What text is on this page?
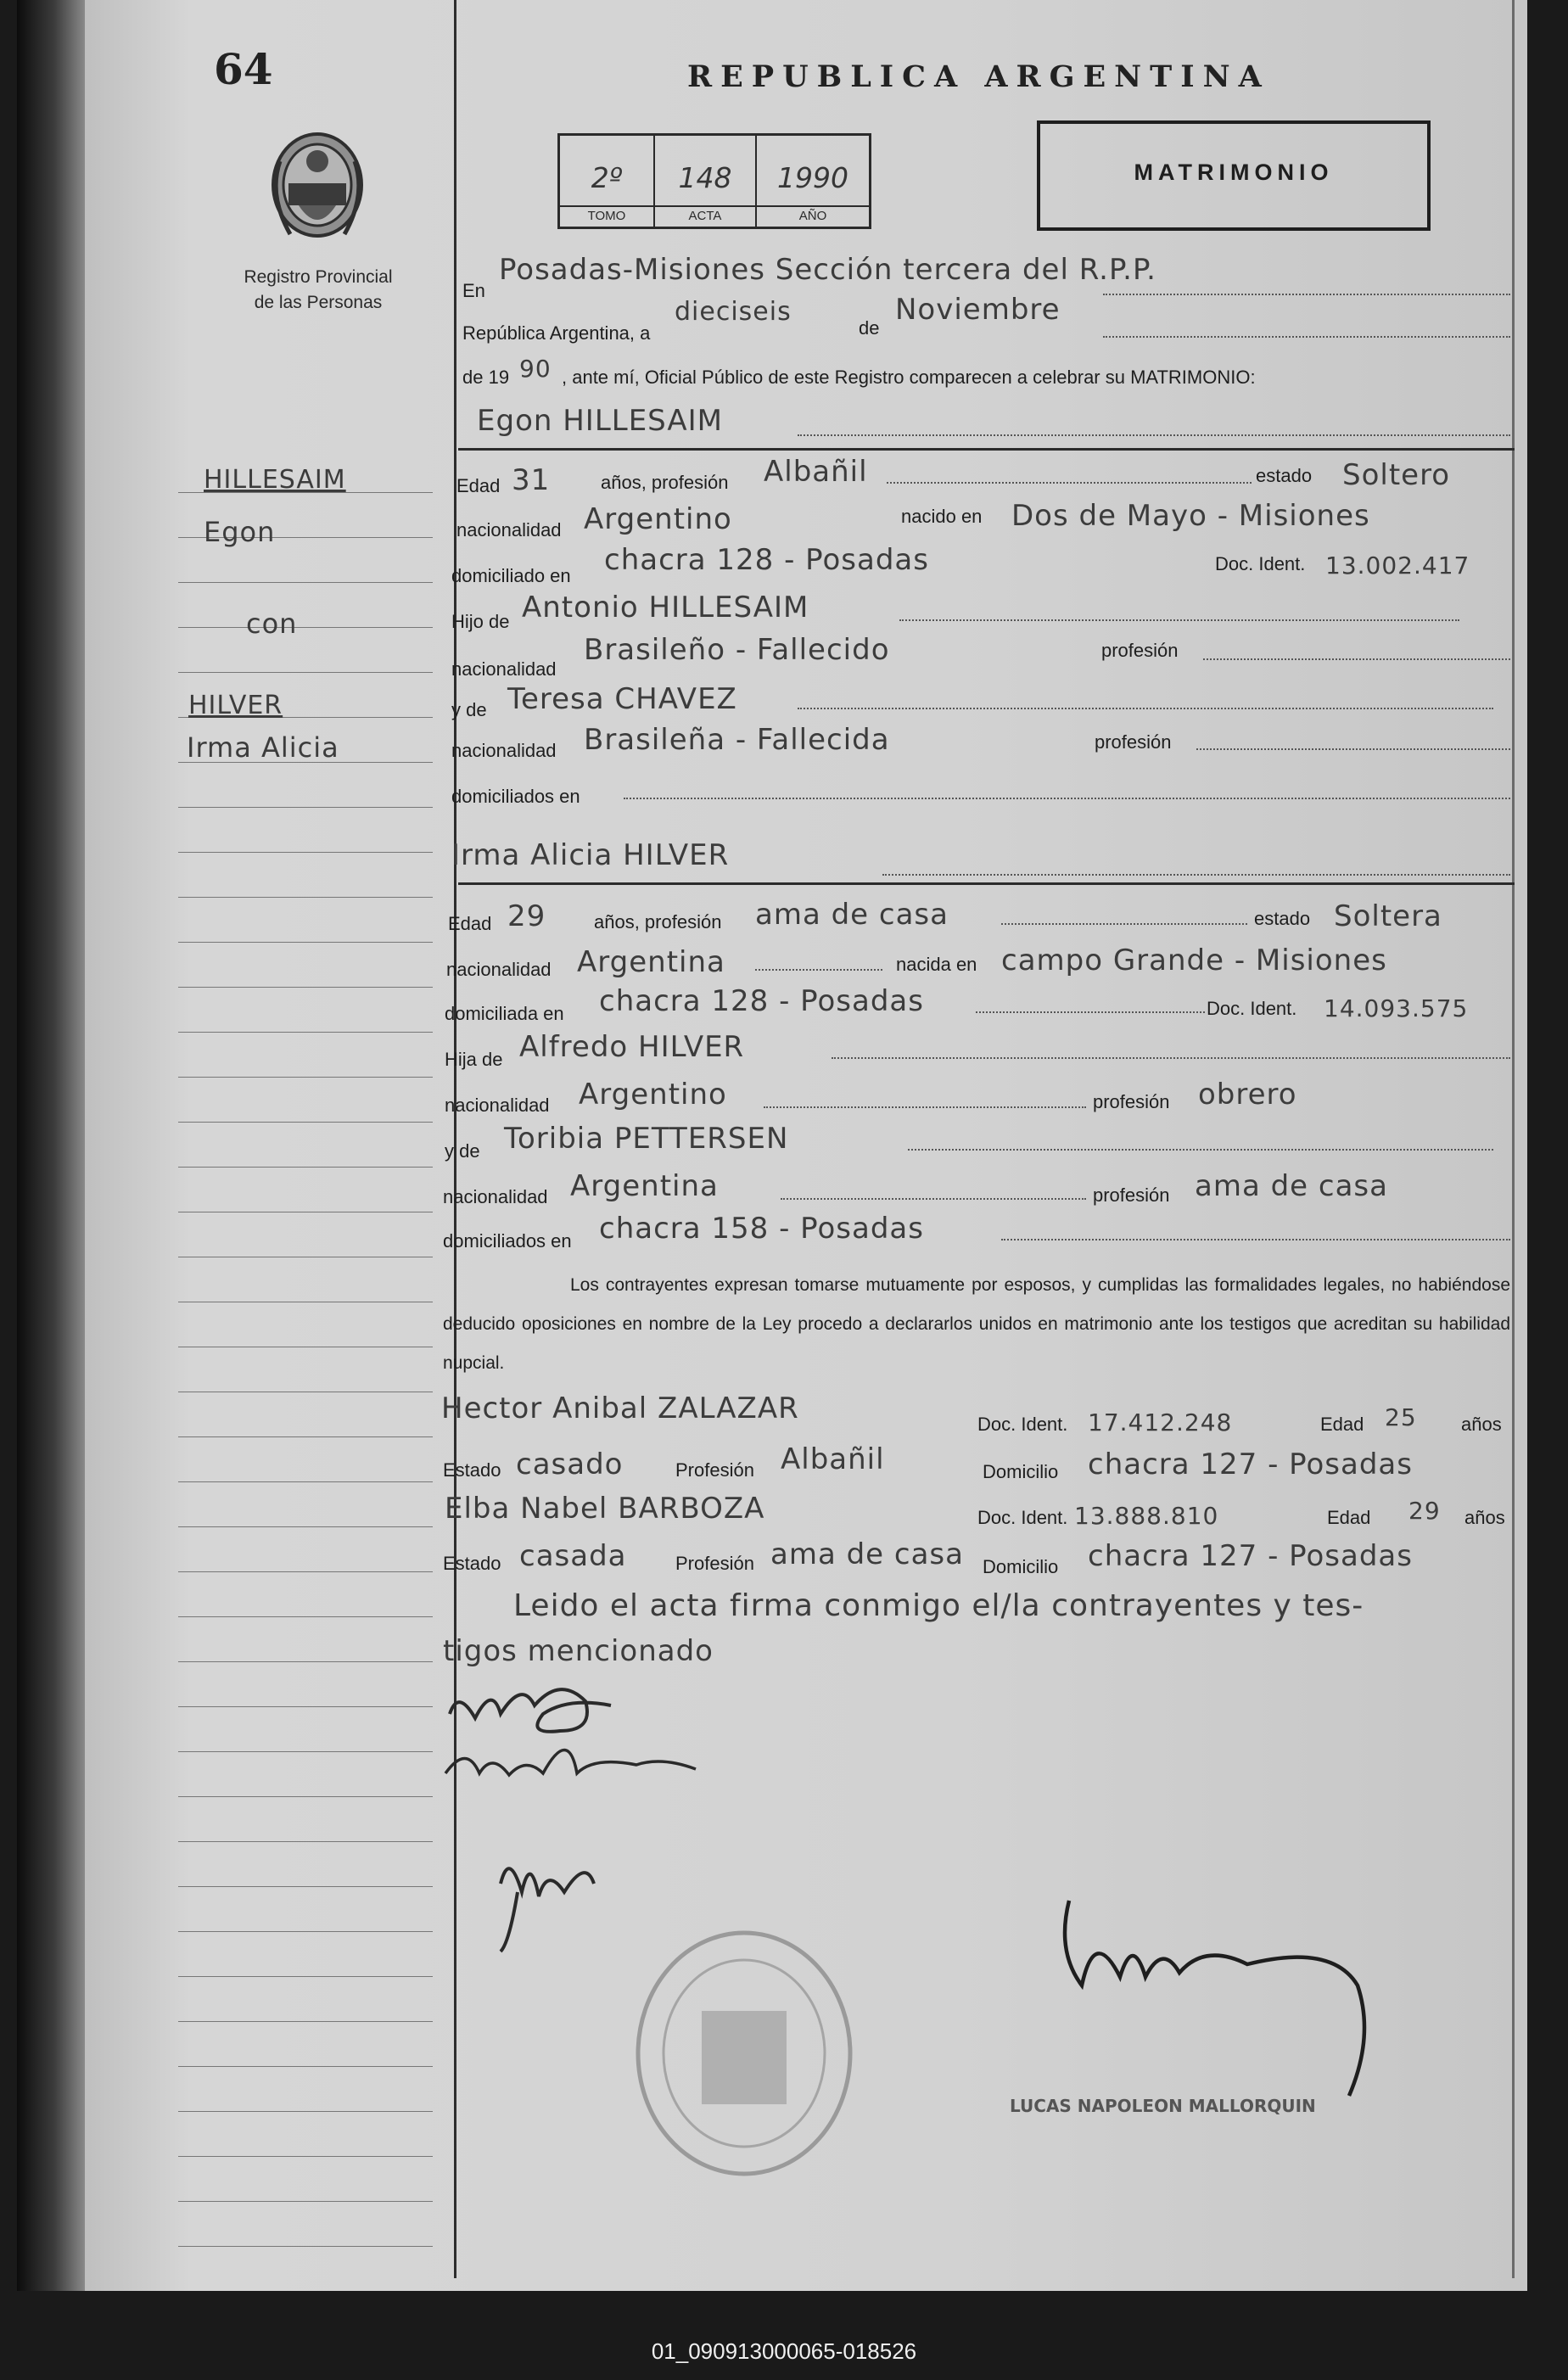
64
Registro Provincial
de las Personas
REPUBLICA ARGENTINA
2º
TOMO
148
ACTA
1990
AÑO
MATRIMONIO
HILLESAIM
Egon
con
HILVER
Irma Alicia
En
Posadas-Misiones Sección tercera del R.P.P.
República Argentina, a
dieciseis
de
Noviembre
de 19 90 , ante mí, Oficial Público de este Registro comparecen a celebrar su MATRIMONIO:
Egon HILLESAIM
Edad 31	años, profesión Albañil	estado Soltero
nacionalidad Argentino	nacido en Dos de Mayo - Misiones
domiciliado en chacra 128 - Posadas	Doc. Ident. 13.002.417
Hijo de Antonio HILLESAIM
nacionalidad
Brasileño - Fallecido	profesión
y de Teresa CHAVEZ
nacionalidad Brasileña - Fallecida	profesión
domiciliados en
Irma Alicia HILVER
Edad 29	años, profesión ama de casa	estado Soltera
nacionalidad Argentina	nacida en campo Grande - Misiones
domiciliada en chacra 128 - Posadas	Doc. Ident. 14.093.575
Hija de Alfredo HILVER
nacionalidad Argentino	profesión obrero
y de Toribia PETTERSEN
nacionalidad Argentina	profesión ama de casa
domiciliados en chacra 158 - Posadas
Los contrayentes expresan tomarse mutuamente por esposos, y cumplidas las formalidades legales, no habiéndose deducido oposiciones en nombre de la Ley procedo a declararlos unidos en matrimonio ante los testigos que acreditan su habilidad nupcial.
Hector Anibal ZALAZAR	Doc. Ident. 17.412.248	Edad 25 años
Estado casado	Profesión Albañil	Domicilio chacra 127 - Posadas
Elba Nabel BARBOZA	Doc. Ident. 13.888.810	Edad 29 años
Estado casada	Profesión ama de casa Domicilio chacra 127 - Posadas
Leido el acta firma conmigo el/la contrayentes y tes-
tigos mencionado
LUCAS NAPOLEON MALLORQUIN
01_090913000065-018526
